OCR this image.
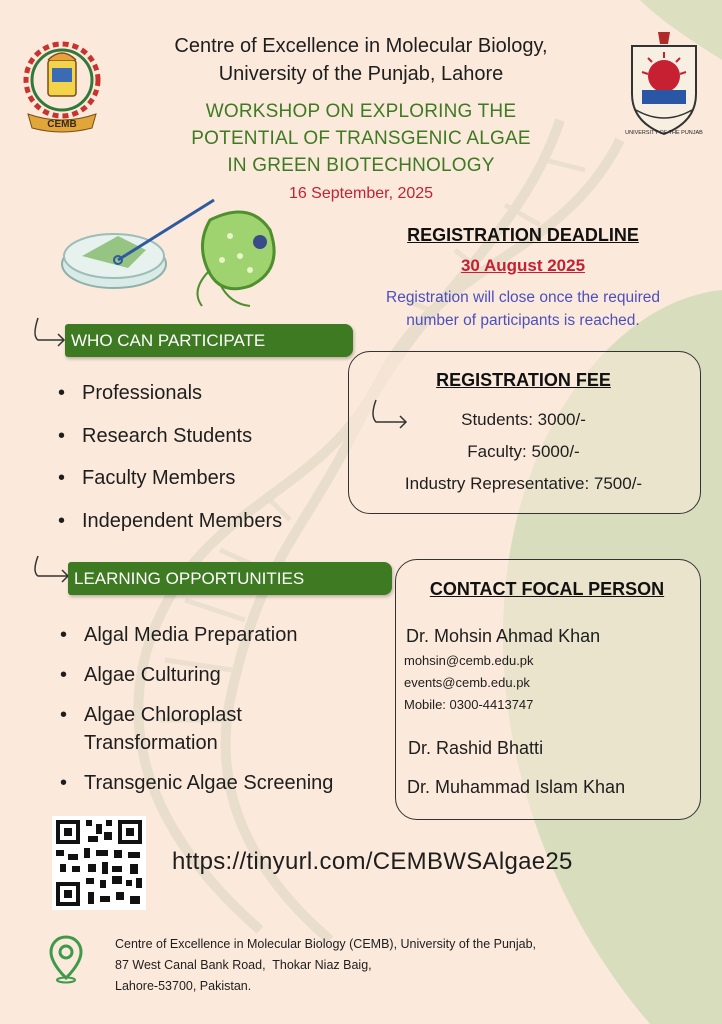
CEMB
UNIVERSITY OF THE PUNJAB
Centre of Excellence in Molecular Biology,
University of the Punjab, Lahore
WORKSHOP ON EXPLORING THE
POTENTIAL OF TRANSGENIC ALGAE
IN GREEN BIOTECHNOLOGY
16 September, 2025
REGISTRATION DEADLINE
30 August 2025
Registration will close once the required
number of participants is reached.
WHO CAN PARTICIPATE
• Professionals
• Research Students
• Faculty Members
• Independent Members
REGISTRATION FEE
Students: 3000/-
Faculty: 5000/-
Industry Representative: 7500/-
LEARNING OPPORTUNITIES
• Algal Media Preparation
• Algae Culturing
• Algae Chloroplast
Transformation
• Transgenic Algae Screening
CONTACT FOCAL PERSON
Dr. Mohsin Ahmad Khan
mohsin@cemb.edu.pk
events@cemb.edu.pk
Mobile: 0300-4413747
Dr. Rashid Bhatti
Dr. Muhammad Islam Khan
https://tinyurl.com/CEMBWSAlgae25
Centre of Excellence in Molecular Biology (CEMB), University of the Punjab,
87 West Canal Bank Road,  Thokar Niaz Baig,
Lahore-53700, Pakistan.
